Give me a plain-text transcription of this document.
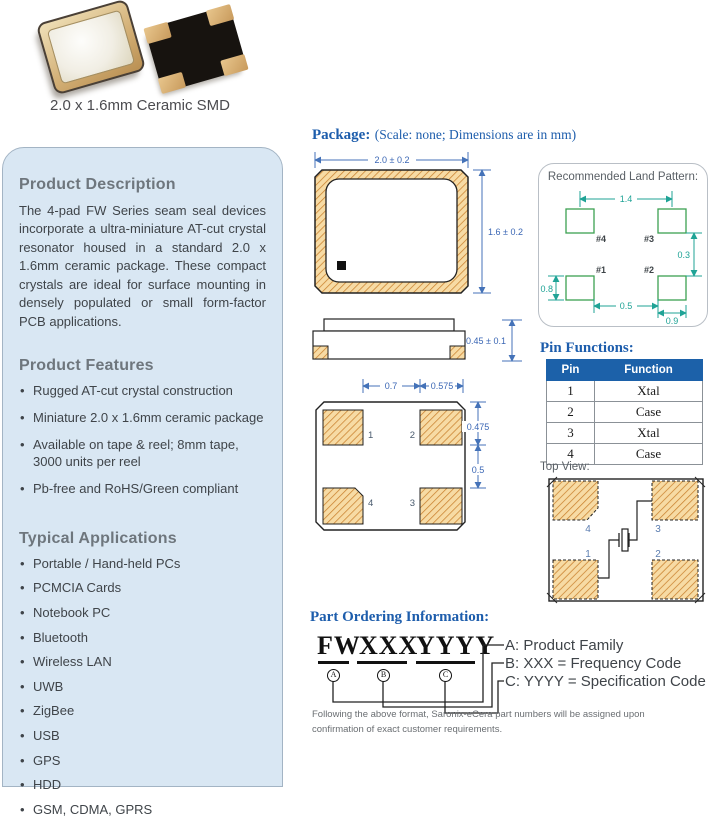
2.0 x 1.6mm Ceramic SMD
Product Description

The 4-pad FW Series seam seal devices incorporate a ultra-miniature AT-cut crystal resonator housed in a standard 2.0 x 1.6mm ceramic package. These compact crystals are ideal for surface mounting in densely populated or small form-factor PCB applications.

Product Features
• Rugged AT-cut crystal construction
• Miniature 2.0 x 1.6mm ceramic package
• Available on tape & reel; 8mm tape, 3000 units per reel
• Pb-free and RoHS/Green compliant
Typical Applications
• Portable / Hand-held PCs
• PCMCIA Cards
• Notebook PC
• Bluetooth
• Wireless LAN
• UWB
• ZigBee
• USB
• GPS
• HDD
• GSM, CDMA, GPRS
Package: (Scale: none; Dimensions are in mm)
2.0 ± 0.2
1.6 ± 0.2
0.45 ± 0.1
0.7	0.575
1	2
4	3
0.475
0.5
Recommended Land Pattern:
1.4
#4	#3
#1	#2
0.3
0.8
0.5
0.9
Pin Functions:
Pin	Function
1	Xtal
2	Case
3	Xtal
4	Case
Top View:
4	3
1	2
Part Ordering Information:
FW
XXX
YYYY
A	B	C
A: Product Family
B: XXX = Frequency Code
C: YYYY = Specification Code
Following the above format, Saronix-eCera part numbers will be assigned upon
confirmation of exact customer requirements.
